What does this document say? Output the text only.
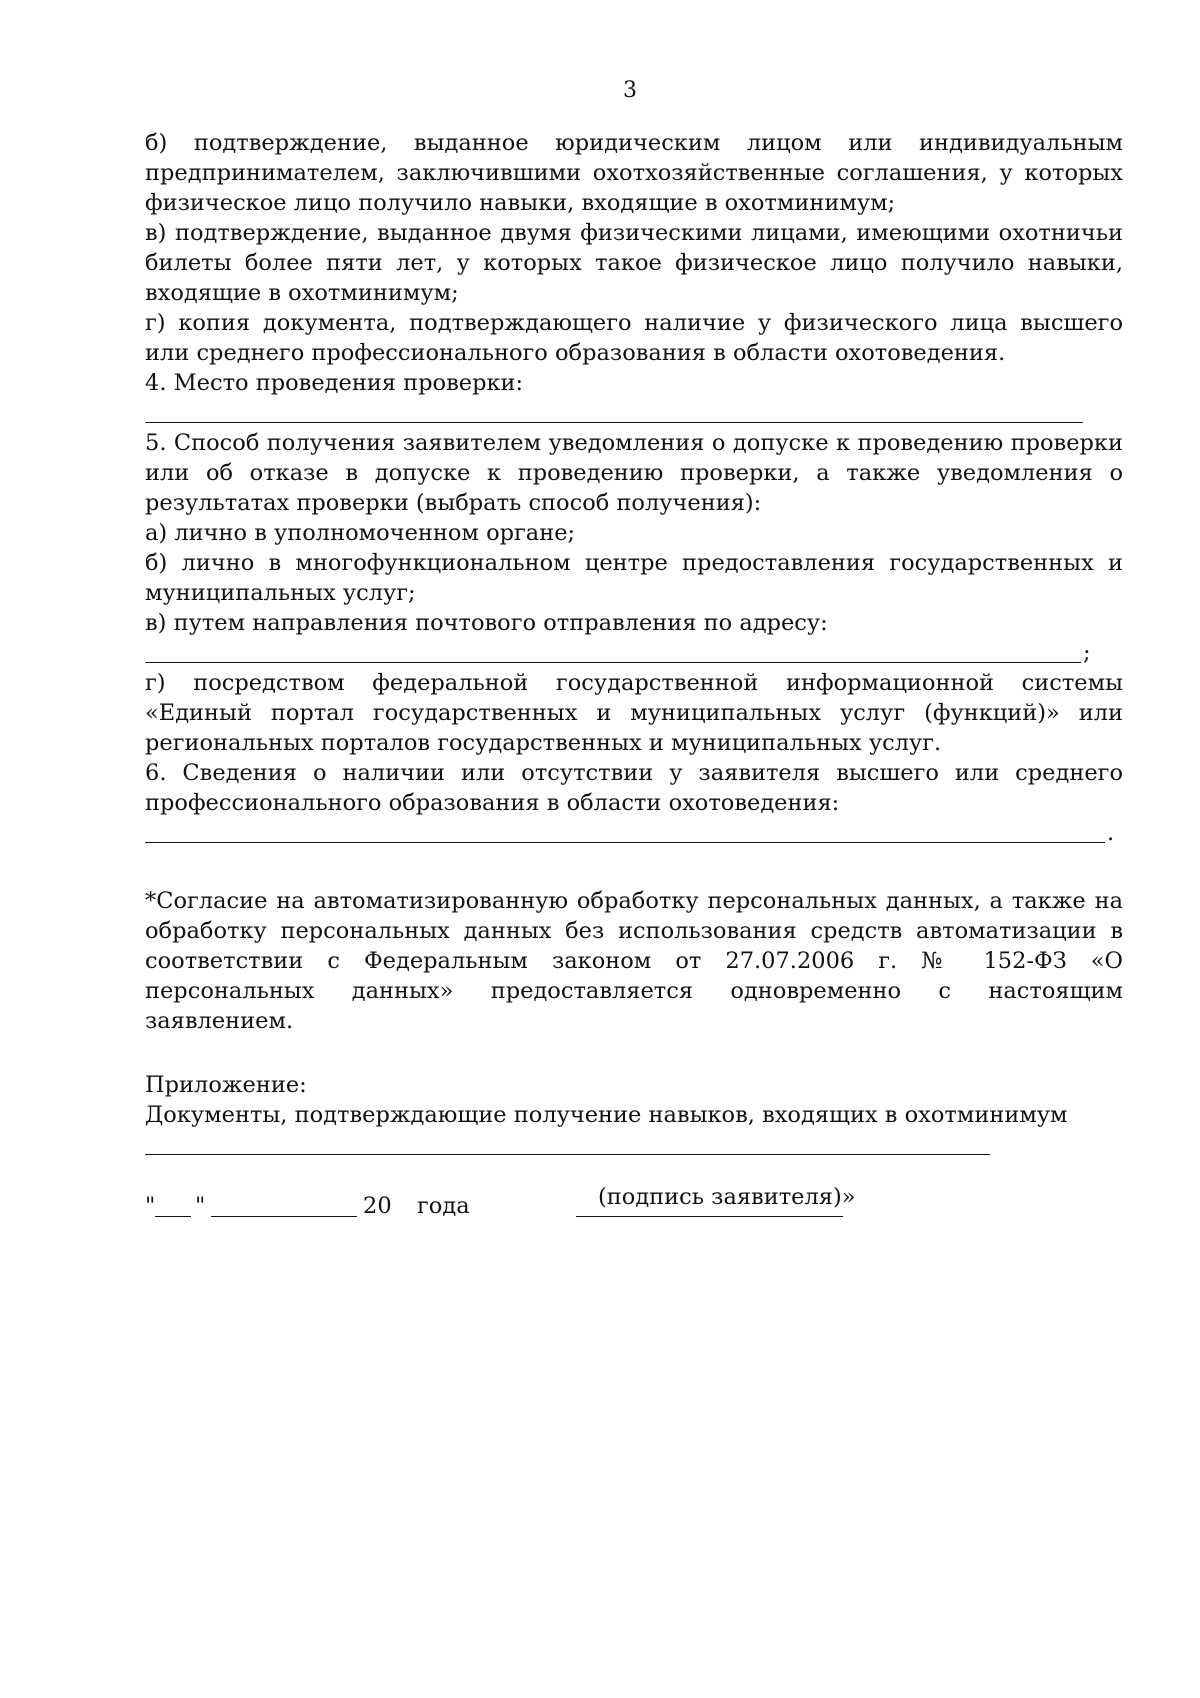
3

б) подтверждение, выданное юридическим лицом или индивидуальным предпринимателем, заключившими охотхозяйственные соглашения, у которых физическое лицо получило навыки, входящие в охотминимум;

в) подтверждение, выданное двумя физическими лицами, имеющими охотничьи билеты более пяти лет, у которых такое физическое лицо получило навыки, входящие в охотминимум;

г) копия документа, подтверждающего наличие у физического лица высшего или среднего профессионального образования в области охотоведения.

4. Место проведения проверки:

5. Способ получения заявителем уведомления о допуске к проведению проверки или об отказе в допуске к проведению проверки, а также уведомления о результатах проверки (выбрать способ получения):

а) лично в уполномоченном органе;

б) лично в многофункциональном центре предоставления государственных и муниципальных услуг;

в) путем направления почтового отправления по адресу:

;

г) посредством федеральной государственной информационной системы «Единый портал государственных и муниципальных услуг (функций)» или региональных порталов государственных и муниципальных услуг.

6. Сведения о наличии или отсутствии у заявителя высшего или среднего профессионального образования в области охотоведения:

.

*Согласие на автоматизированную обработку персональных данных, а также на обработку персональных данных без использования средств автоматизации в соответствии с Федеральным законом от 27.07.2006 г. № 152-ФЗ «О персональных данных» предоставляется одновременно с настоящим заявлением.

Приложение:

Документы, подтверждающие получение навыков, входящих в охотминимум

" "	20 года	(подпись заявителя)»
